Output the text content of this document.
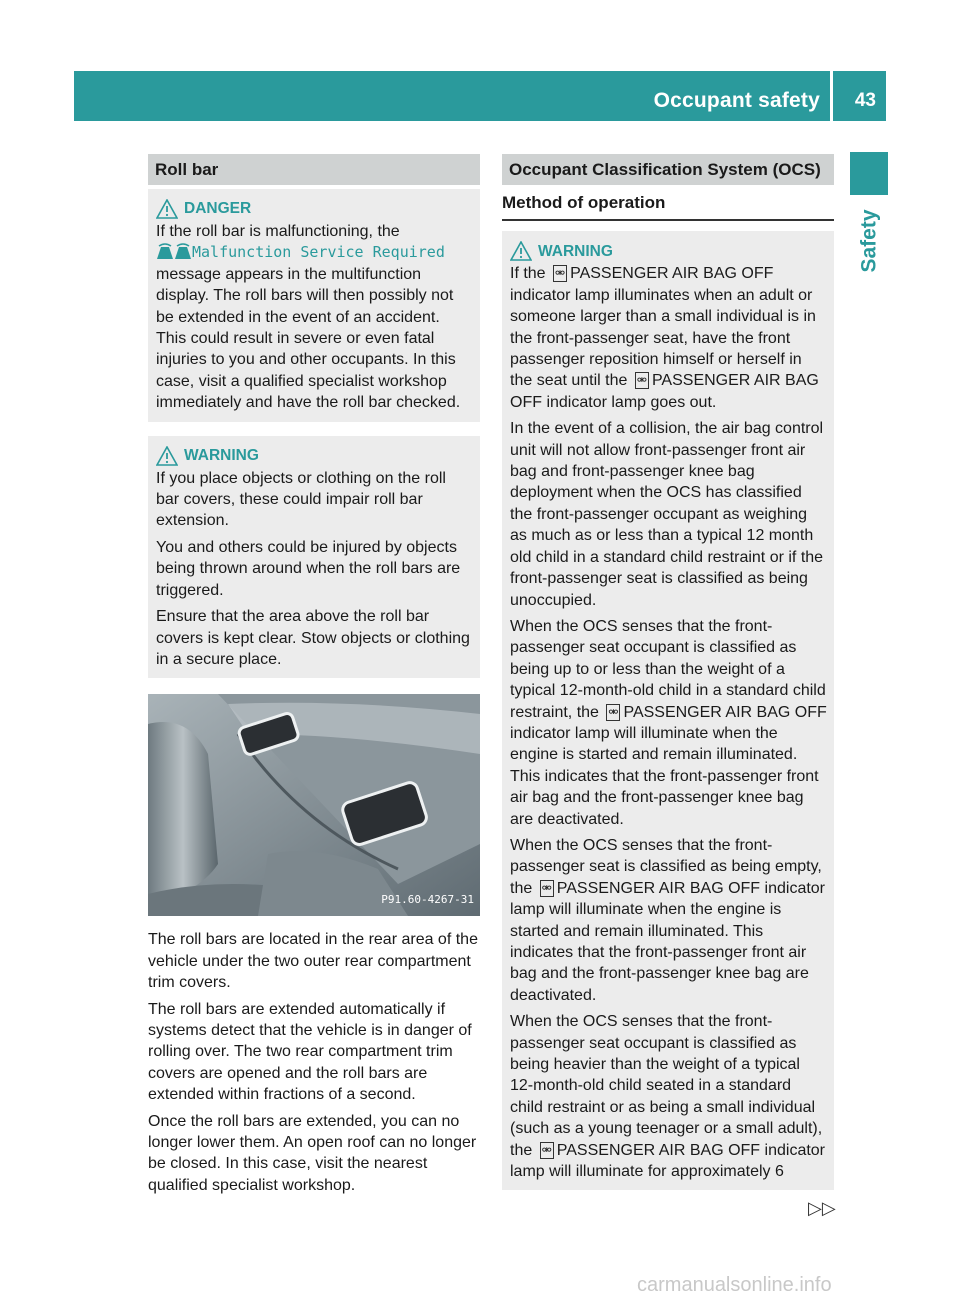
Occupant safety 43
Safety
Roll bar
DANGER

If the roll bar is malfunctioning, the
Malfunction Service Required message appears in the multifunction display. The roll bars will then possibly not be extended in the event of an accident. This could result in severe or even fatal injuries to you and other occupants. In this case, visit a qualified specialist workshop immediately and have the roll bar checked.

WARNING

If you place objects or clothing on the roll bar covers, these could impair roll bar extension.

You and others could be injured by objects being thrown around when the roll bars are triggered.

Ensure that the area above the roll bar covers is kept clear. Stow objects or clothing in a secure place.

P91.60-4267-31

The roll bars are located in the rear area of the vehicle under the two outer rear compartment trim covers.

The roll bars are extended automatically if systems detect that the vehicle is in danger of rolling over. The two rear compartment trim covers are opened and the roll bars are extended within fractions of a second.

Once the roll bars are extended, you can no longer lower them. An open roof can no longer be closed. In this case, visit the nearest qualified specialist workshop.

Occupant Classification System (OCS)
Method of operation
WARNING

If the ⚮ PASSENGER AIR BAG OFF indicator lamp illuminates when an adult or someone larger than a small individual is in the front-passenger seat, have the front passenger reposition himself or herself in the seat until the ⚮ PASSENGER AIR BAG OFF indicator lamp goes out.

In the event of a collision, the air bag control unit will not allow front-passenger front air bag and front-passenger knee bag deployment when the OCS has classified the front-passenger occupant as weighing as much as or less than a typical 12 month old child in a standard child restraint or if the front-passenger seat is classified as being unoccupied.

When the OCS senses that the front-passenger seat occupant is classified as being up to or less than the weight of a typical 12-month-old child in a standard child restraint, the ⚮ PASSENGER AIR BAG OFF indicator lamp will illuminate when the engine is started and remain illuminated. This indicates that the front-passenger front air bag and the front-passenger knee bag are deactivated.

When the OCS senses that the front-passenger seat is classified as being empty, the ⚮ PASSENGER AIR BAG OFF indicator lamp will illuminate when the engine is started and remain illuminated. This indicates that the front-passenger front air bag and the front-passenger knee bag are deactivated.

When the OCS senses that the front-passenger seat occupant is classified as being heavier than the weight of a typical 12-month-old child seated in a standard child restraint or as being a small individual (such as a young teenager or a small adult), the ⚮ PASSENGER AIR BAG OFF indicator lamp will illuminate for approximately 6

▷▷
carmanualsonline.info
